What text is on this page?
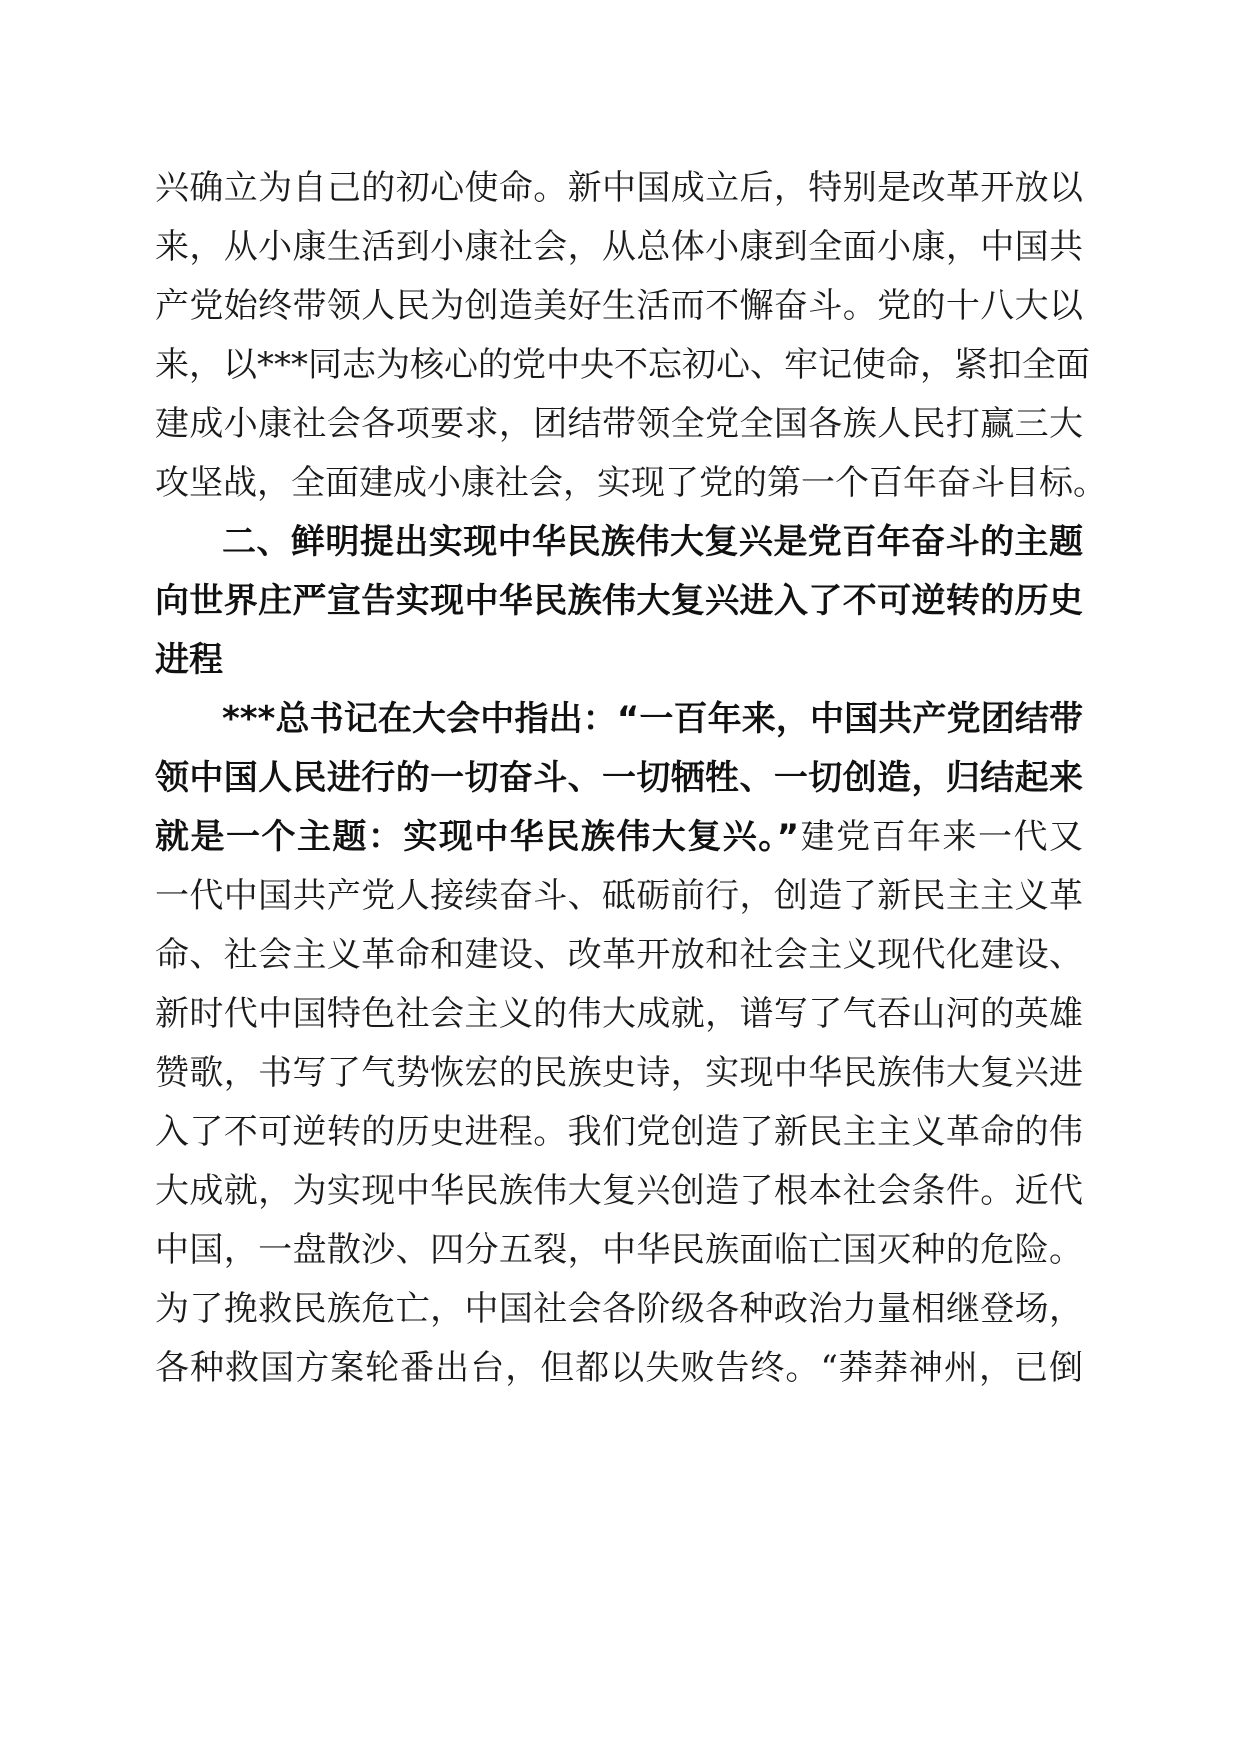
兴确立为自己的初心使命。新中国成立后，特别是改革开放以
来，从小康生活到小康社会，从总体小康到全面小康，中国共
产党始终带领人民为创造美好生活而不懈奋斗。党的十八大以
来，以***同志为核心的党中央不忘初心、牢记使命，紧扣全面
建成小康社会各项要求，团结带领全党全国各族人民打赢三大
攻坚战，全面建成小康社会，实现了党的第一个百年奋斗目标。
二、鲜明提出实现中华民族伟大复兴是党百年奋斗的主题
向世界庄严宣告实现中华民族伟大复兴进入了不可逆转的历史
进程
***总书记在大会中指出：“一百年来，中国共产党团结带
领中国人民进行的一切奋斗、一切牺牲、一切创造，归结起来
就是一个主题：实现中华民族伟大复兴。”建党百年来一代又
一代中国共产党人接续奋斗、砥砺前行，创造了新民主主义革
命、社会主义革命和建设、改革开放和社会主义现代化建设、
新时代中国特色社会主义的伟大成就，谱写了气吞山河的英雄
赞歌，书写了气势恢宏的民族史诗，实现中华民族伟大复兴进
入了不可逆转的历史进程。我们党创造了新民主主义革命的伟
大成就，为实现中华民族伟大复兴创造了根本社会条件。近代
中国，一盘散沙、四分五裂，中华民族面临亡国灭种的危险。
为了挽救民族危亡，中国社会各阶级各种政治力量相继登场，
各种救国方案轮番出台，但都以失败告终。“莽莽神州，已倒
